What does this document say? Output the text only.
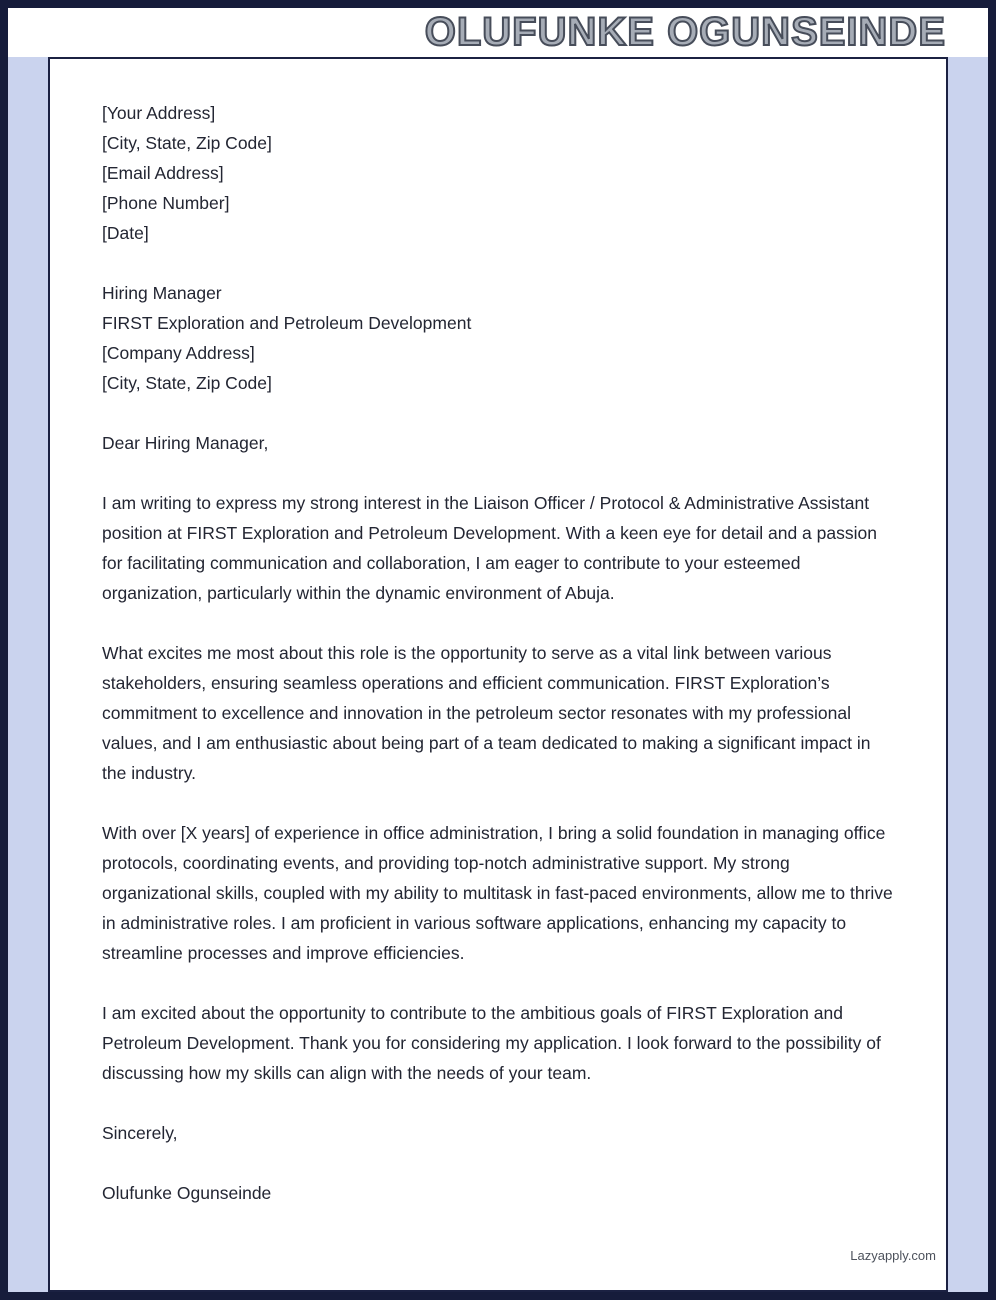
OLUFUNKE OGUNSEINDE
[Your Address]
[City, State, Zip Code]
[Email Address]
[Phone Number]
[Date]
Hiring Manager
FIRST Exploration and Petroleum Development
[Company Address]
[City, State, Zip Code]
Dear Hiring Manager,

I am writing to express my strong interest in the Liaison Officer / Protocol & Administrative Assistant position at FIRST Exploration and Petroleum Development. With a keen eye for detail and a passion for facilitating communication and collaboration, I am eager to contribute to your esteemed organization, particularly within the dynamic environment of Abuja.

What excites me most about this role is the opportunity to serve as a vital link between various stakeholders, ensuring seamless operations and efficient communication. FIRST Exploration’s commitment to excellence and innovation in the petroleum sector resonates with my professional values, and I am enthusiastic about being part of a team dedicated to making a significant impact in the industry.

With over [X years] of experience in office administration, I bring a solid foundation in managing office protocols, coordinating events, and providing top-notch administrative support. My strong organizational skills, coupled with my ability to multitask in fast-paced environments, allow me to thrive in administrative roles. I am proficient in various software applications, enhancing my capacity to streamline processes and improve efficiencies.

I am excited about the opportunity to contribute to the ambitious goals of FIRST Exploration and Petroleum Development. Thank you for considering my application. I look forward to the possibility of discussing how my skills can align with the needs of your team.

Sincerely,
Olufunke Ogunseinde
Lazyapply.com
